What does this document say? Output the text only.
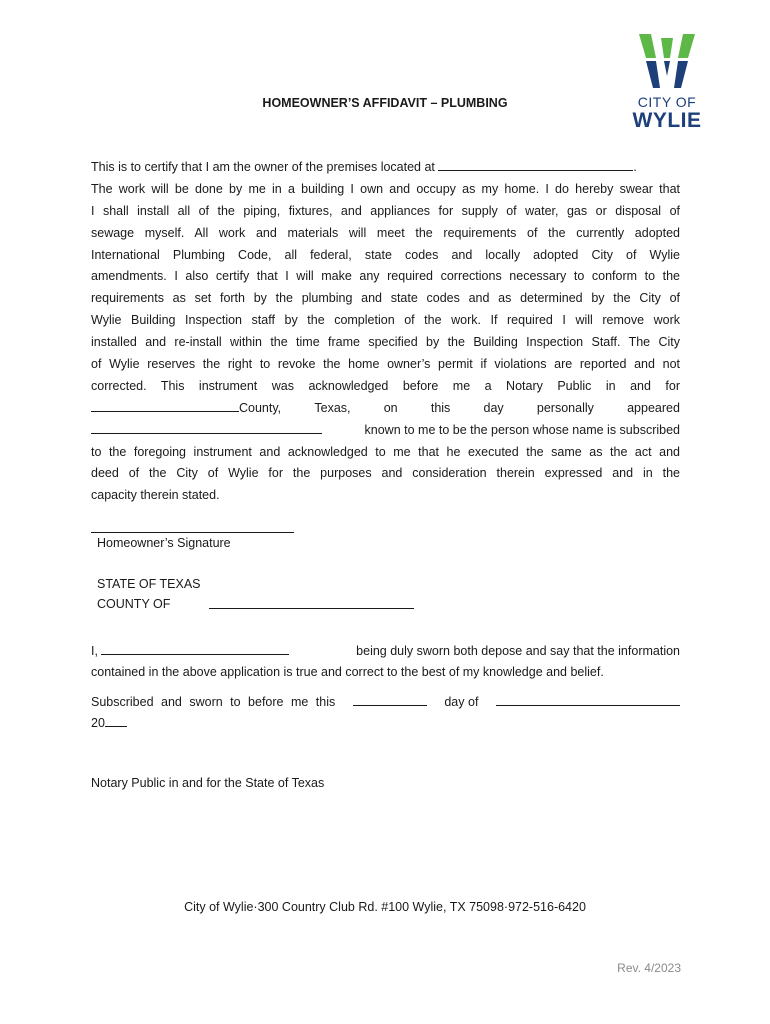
CITY OF
WYLIE
HOMEOWNER’S AFFIDAVIT – PLUMBING
This is to certify that I am the owner of the premises located at	.
The work will be done by me in a building I own and occupy as my home. I do hereby swear that
I shall install all of the piping, fixtures, and appliances for supply of water, gas or disposal of
sewage myself. All work and materials will meet the requirements of the currently adopted
International Plumbing Code, all federal, state codes and locally adopted City of Wylie
amendments. I also certify that I will make any required corrections necessary to conform to the
requirements as set forth by the plumbing and state codes and as determined by the City of
Wylie Building Inspection staff by the completion of the work. If required I will remove work
installed and re-install within the time frame specified by the Building Inspection Staff. The City
of Wylie reserves the right to revoke the home owner’s permit if violations are reported and not
corrected. This instrument was acknowledged before me a Notary Public in and for
County,	Texas,	on	this	day	personally	appeared
known to me to be the person whose name is subscribed
to the foregoing instrument and acknowledged to me that he executed the same as the act and
deed of the City of Wylie for the purposes and consideration therein expressed and in the
capacity therein stated.
Homeowner’s Signature
STATE OF TEXAS
COUNTY OF
I,	being duly sworn both depose and say that the information
contained in the above application is true and correct to the best of my knowledge and belief.
Subscribed and sworn to before me this	day of
20
Notary Public in and for the State of Texas
City of Wylie·300 Country Club Rd. #100 Wylie, TX 75098·972-516-6420
Rev. 4/2023
